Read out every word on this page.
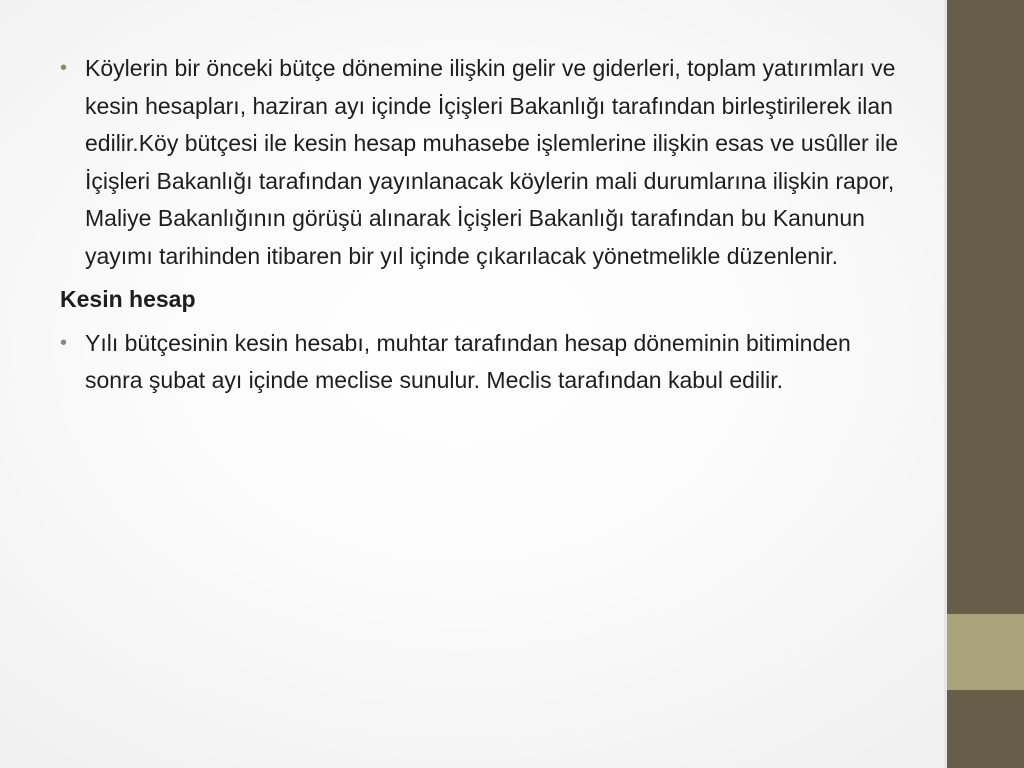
• Köylerin bir önceki bütçe dönemine ilişkin gelir ve giderleri, toplam yatırımları ve kesin hesapları, haziran ayı içinde İçişleri Bakanlığı tarafından birleştirilerek ilan edilir.Köy bütçesi ile kesin hesap muhasebe işlemlerine ilişkin esas ve usûller ile İçişleri Bakanlığı tarafından yayınlanacak köylerin mali durumlarına ilişkin rapor, Maliye Bakanlığının görüşü alınarak İçişleri Bakanlığı tarafından bu Kanunun yayımı tarihinden itibaren bir yıl içinde çıkarılacak yönetmelikle düzenlenir.
Kesin hesap
• Yılı bütçesinin kesin hesabı, muhtar tarafından hesap döneminin bitiminden sonra şubat ayı içinde meclise sunulur. Meclis tarafından kabul edilir.
